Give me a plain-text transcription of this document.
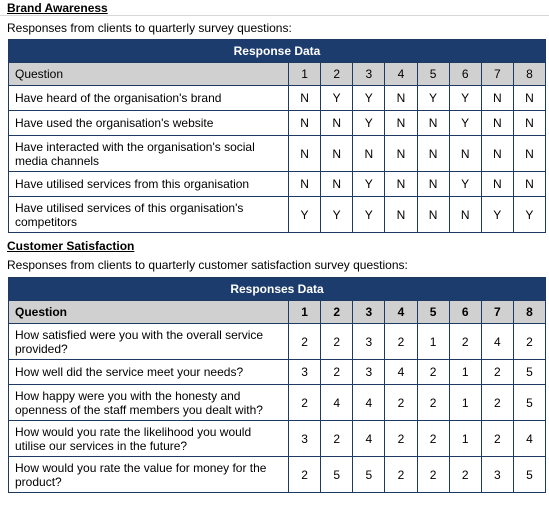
Brand Awareness
Responses from clients to quarterly survey questions:
Response Data								
Question	1	2	3	4	5	6	7	8
Have heard of the organisation's brand	N	Y	Y	N	Y	Y	N	N
Have used the organisation's website	N	N	Y	N	N	Y	N	N
Have interacted with the organisation's social media channels	N	N	N	N	N	N	N	N
Have utilised services from this organisation	N	N	Y	N	N	Y	N	N
Have utilised services of this organisation's competitors	Y	Y	Y	N	N	N	Y	Y
Customer Satisfaction
Responses from clients to quarterly customer satisfaction survey questions:
Responses Data								
Question	1	2	3	4	5	6	7	8
How satisfied were you with the overall service provided?	2	2	3	2	1	2	4	2
How well did the service meet your needs?	3	2	3	4	2	1	2	5
How happy were you with the honesty and openness of the staff members you dealt with?	2	4	4	2	2	1	2	5
How would you rate the likelihood you would utilise our services in the future?	3	2	4	2	2	1	2	4
How would you rate the value for money for the product?	2	5	5	2	2	2	3	5
